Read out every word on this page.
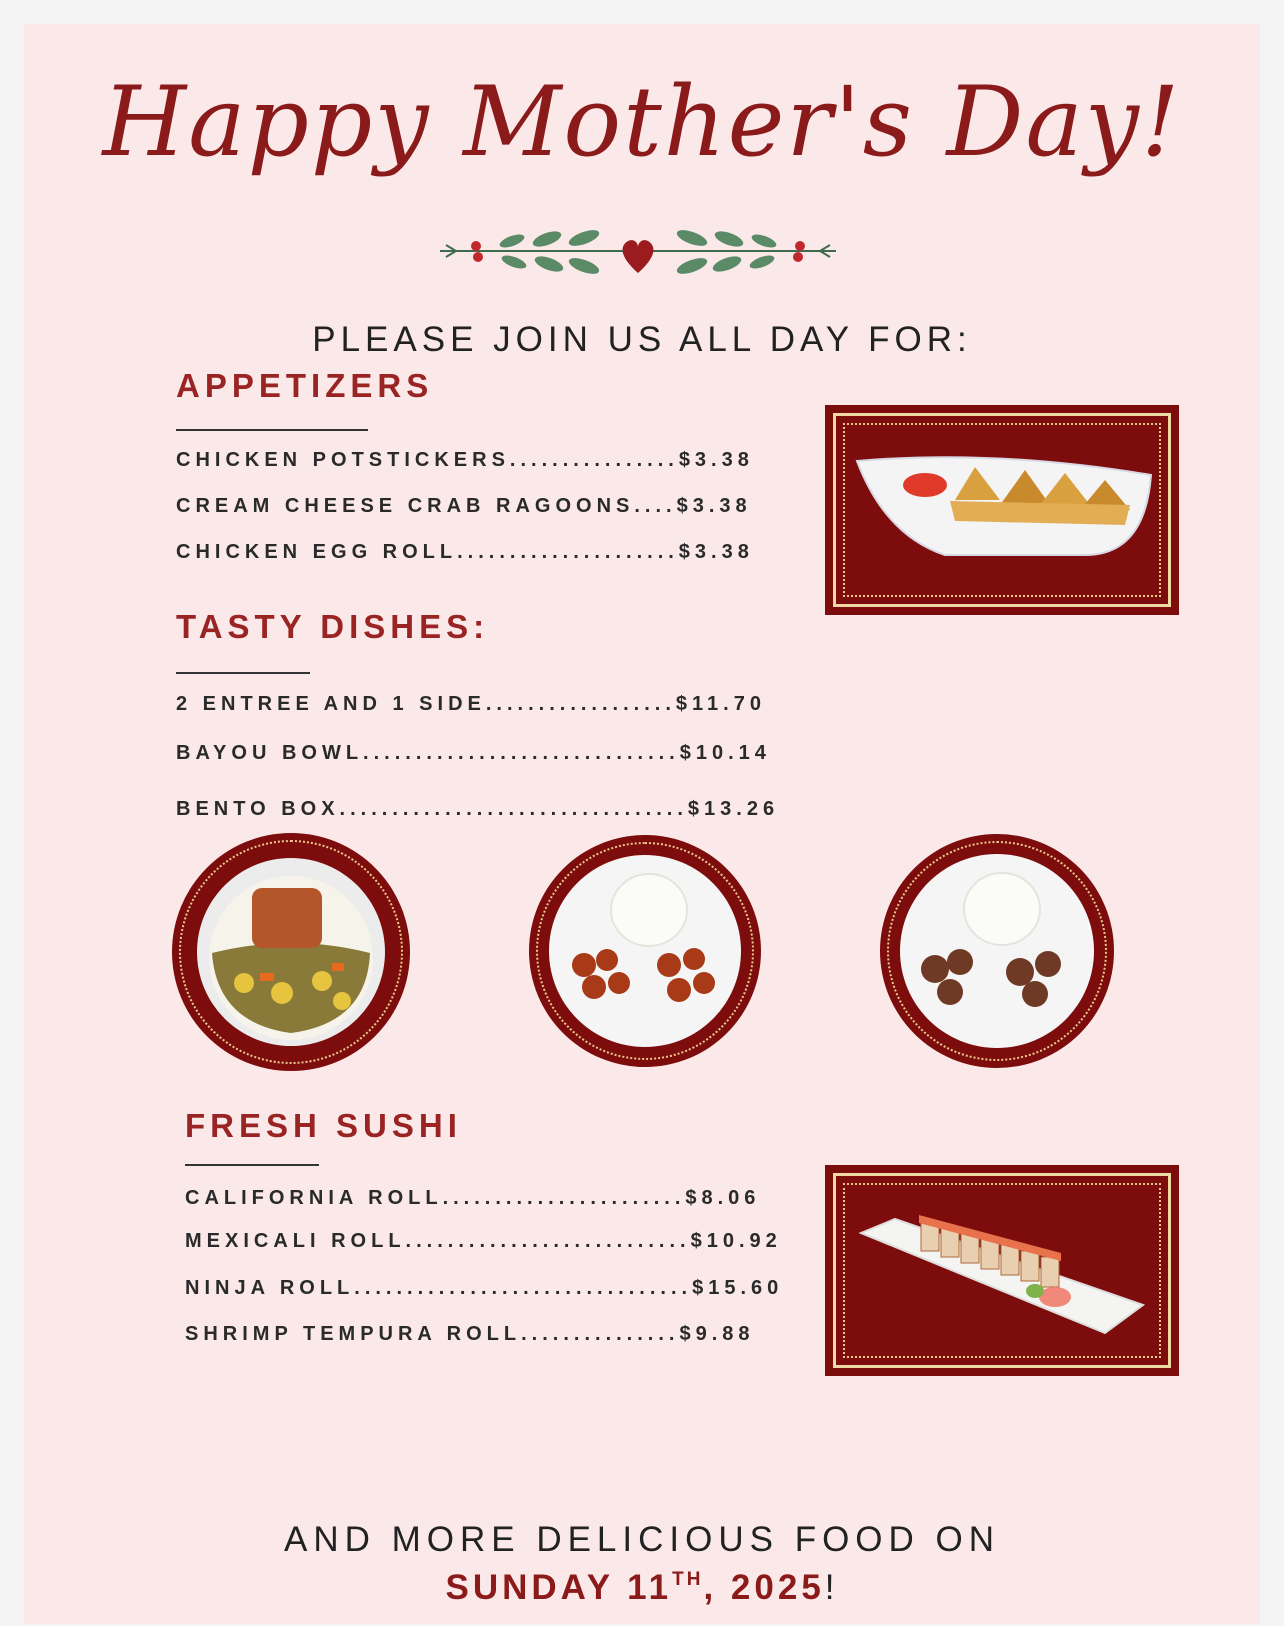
Happy Mother's Day!
PLEASE JOIN US ALL DAY FOR:
APPETIZERS
CHICKEN POTSTICKERS................$3.38
CREAM CHEESE CRAB RAGOONS....$3.38
CHICKEN EGG ROLL.....................$3.38
TASTY DISHES:
2 ENTREE AND 1 SIDE..................$11.70
BAYOU BOWL..............................$10.14
BENTO BOX.................................$13.26
FRESH SUSHI
CALIFORNIA ROLL.......................$8.06
MEXICALI ROLL...........................$10.92
NINJA ROLL................................$15.60
SHRIMP TEMPURA ROLL...............$9.88
AND MORE DELICIOUS FOOD ON
SUNDAY 11TH, 2025!
